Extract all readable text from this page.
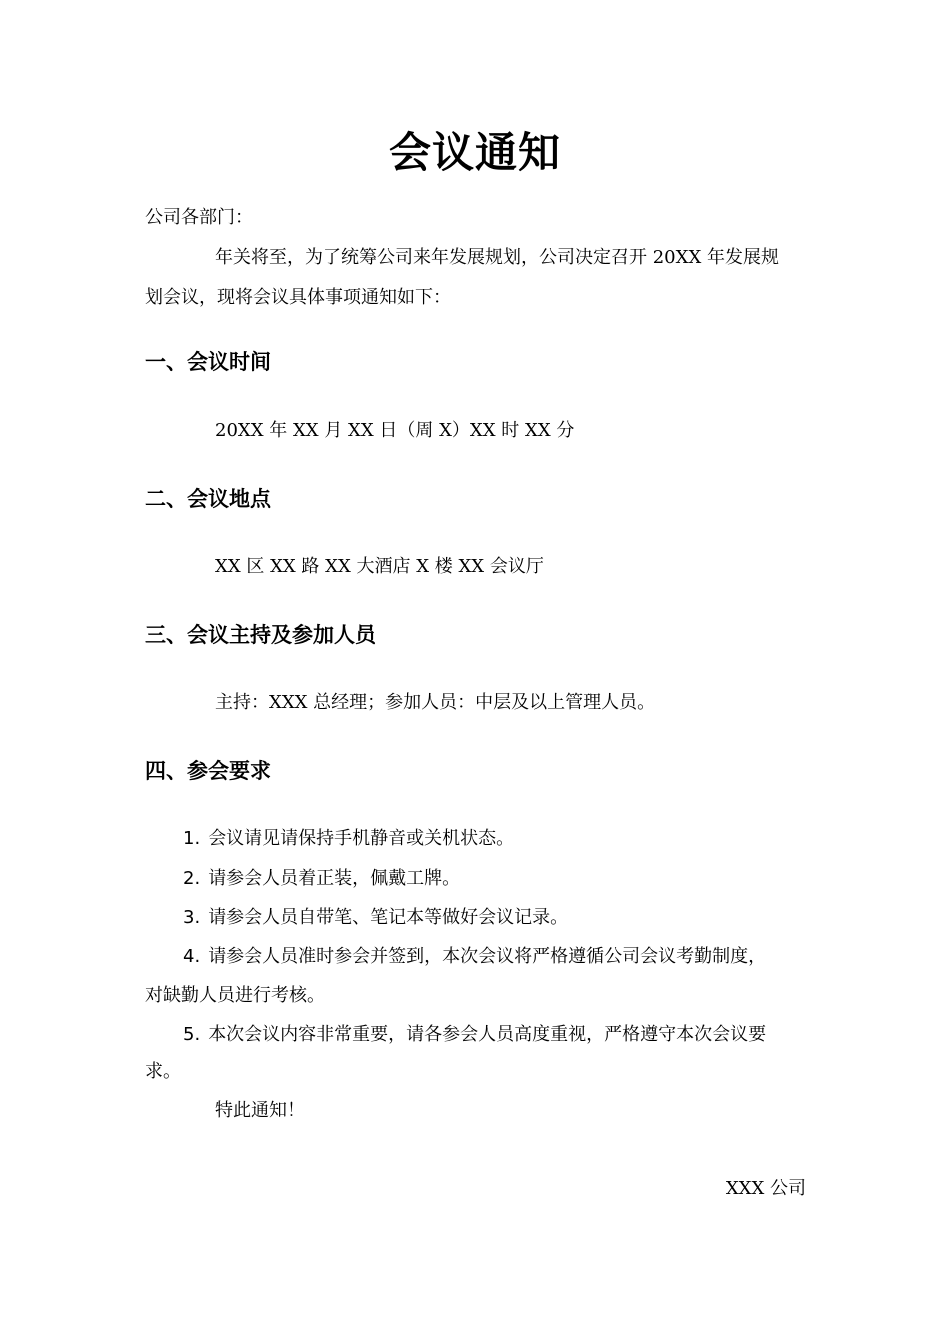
会议通知
公司各部门：
年关将至，为了统筹公司来年发展规划，公司决定召开 20XX 年发展规
划会议，现将会议具体事项通知如下：
一、会议时间
20XX 年 XX 月 XX 日（周 X）XX 时 XX 分
二、会议地点
XX 区 XX 路 XX 大酒店 X 楼 XX 会议厅
三、会议主持及参加人员
主持：XXX 总经理；参加人员：中层及以上管理人员。
四、参会要求
1. 会议请见请保持手机静音或关机状态。
2. 请参会人员着正装，佩戴工牌。
3. 请参会人员自带笔、笔记本等做好会议记录。
4. 请参会人员准时参会并签到，本次会议将严格遵循公司会议考勤制度，
对缺勤人员进行考核。
5. 本次会议内容非常重要，请各参会人员高度重视，严格遵守本次会议要
求。
特此通知！
XXX 公司
